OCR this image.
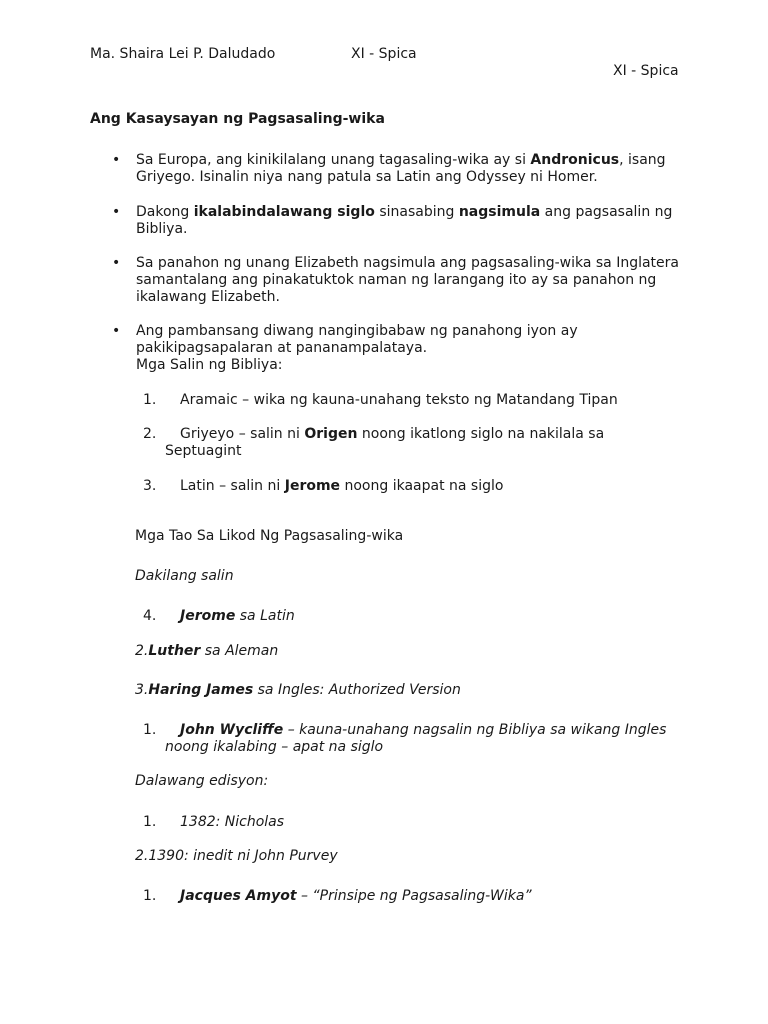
Ma. Shaira Lei P. Daludado	XI - Spica
XI - Spica
Ang Kasaysayan ng Pagsasaling-wika
• Sa Europa, ang kinikilalang unang tagasaling-wika ay si Andronicus, isang
Griyego. Isinalin niya nang patula sa Latin ang Odyssey ni Homer.
• Dakong ikalabindalawang siglo sinasabing nagsimula ang pagsasalin ng
Bibliya.
• Sa panahon ng unang Elizabeth nagsimula ang pagsasaling-wika sa Inglatera
samantalang ang pinakatuktok naman ng larangang ito ay sa panahon ng
ikalawang Elizabeth.
• Ang pambansang diwang nangingibabaw ng panahong iyon ay
pakikipagsapalaran at pananampalataya.
Mga Salin ng Bibliya:
1. Aramaic – wika ng kauna-unahang teksto ng Matandang Tipan
2. Griyeyo – salin ni Origen noong ikatlong siglo na nakilala sa
Septuagint
3. Latin – salin ni Jerome noong ikaapat na siglo
Mga Tao Sa Likod Ng Pagsasaling-wika
Dakilang salin
4. Jerome sa Latin
2.Luther sa Aleman
3.Haring James sa Ingles: Authorized Version
1. John Wycliffe – kauna-unahang nagsalin ng Bibliya sa wikang Ingles
noong ikalabing – apat na siglo
Dalawang edisyon:
1. 1382: Nicholas
2.1390: inedit ni John Purvey
1. Jacques Amyot – “Prinsipe ng Pagsasaling-Wika”
